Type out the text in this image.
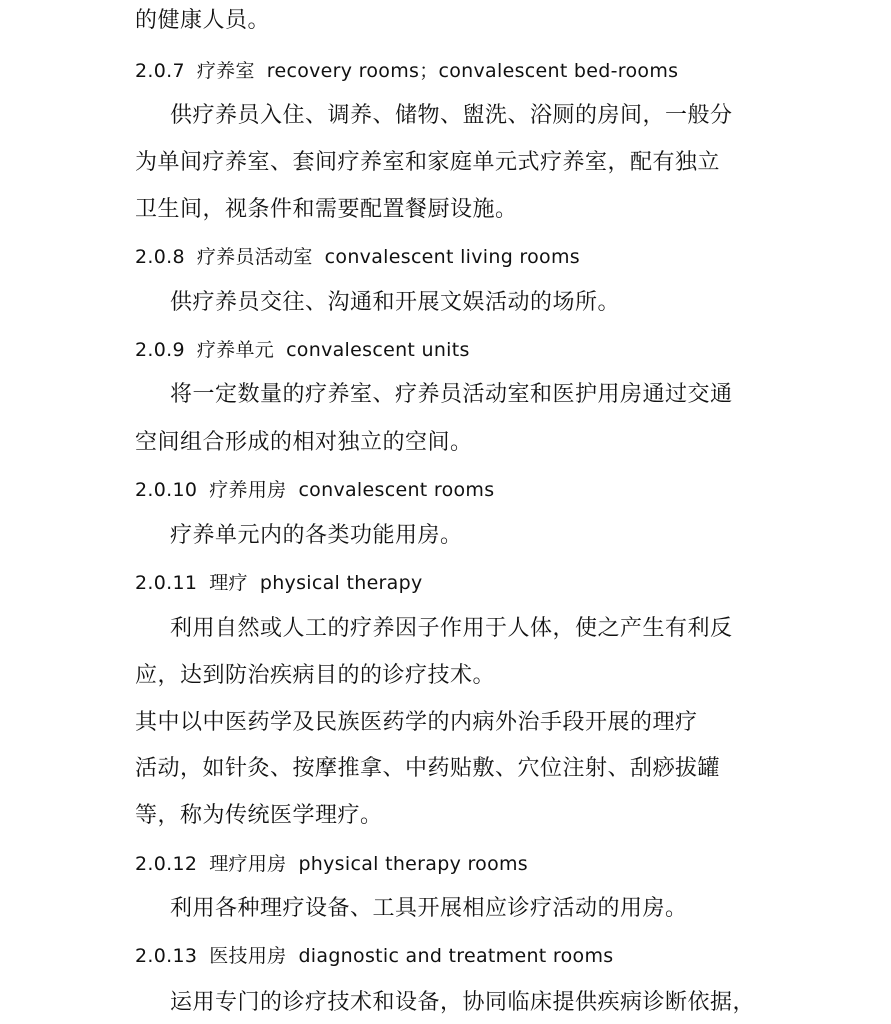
的健康人员。
2.0.7 疗养室 recovery rooms；convalescent bed-rooms
供疗养员入住、调养、储物、盥洗、浴厕的房间，一般分
为单间疗养室、套间疗养室和家庭单元式疗养室，配有独立
卫生间，视条件和需要配置餐厨设施。
2.0.8 疗养员活动室 convalescent living rooms
供疗养员交往、沟通和开展文娱活动的场所。
2.0.9 疗养单元 convalescent units
将一定数量的疗养室、疗养员活动室和医护用房通过交通
空间组合形成的相对独立的空间。
2.0.10 疗养用房 convalescent rooms
疗养单元内的各类功能用房。
2.0.11 理疗 physical therapy
利用自然或人工的疗养因子作用于人体，使之产生有利反
应，达到防治疾病目的的诊疗技术。
其中以中医药学及民族医药学的内病外治手段开展的理疗
活动，如针灸、按摩推拿、中药贴敷、穴位注射、刮痧拔罐
等，称为传统医学理疗。
2.0.12 理疗用房 physical therapy rooms
利用各种理疗设备、工具开展相应诊疗活动的用房。
2.0.13 医技用房 diagnostic and treatment rooms
运用专门的诊疗技术和设备，协同临床提供疾病诊断依据，
